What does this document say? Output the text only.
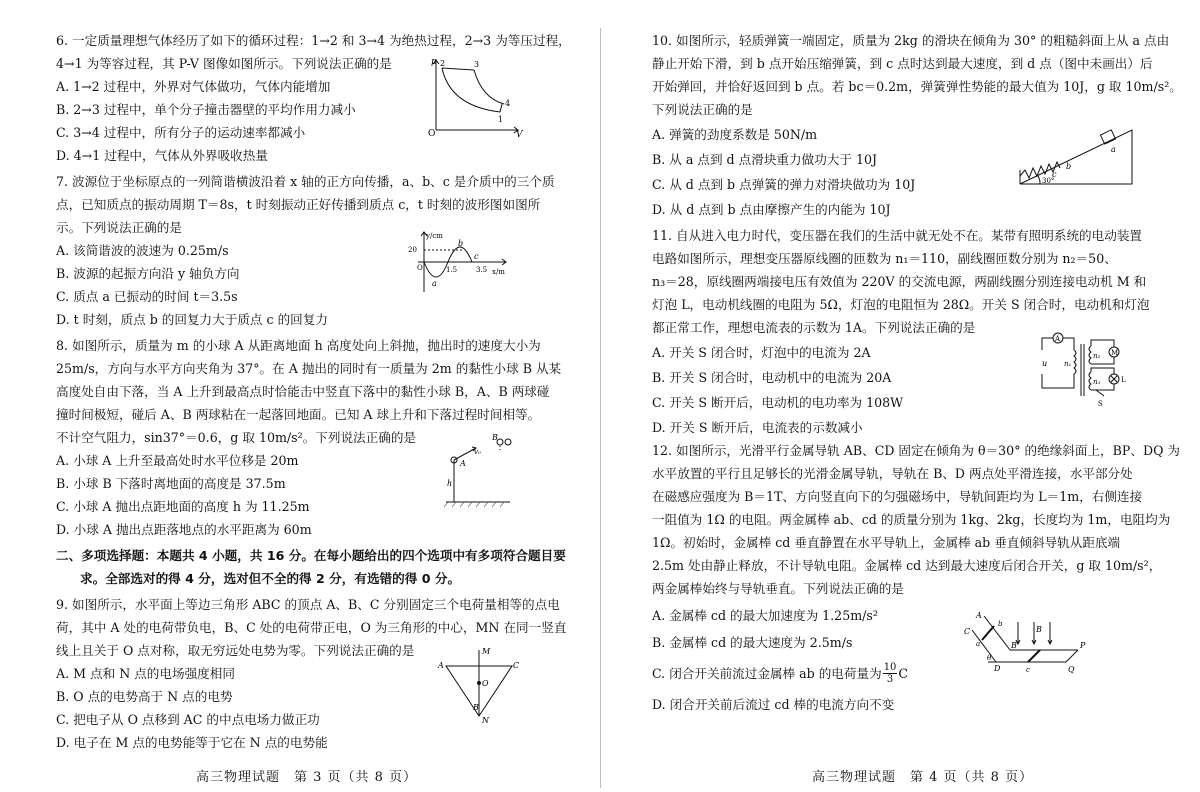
6. 一定质量理想气体经历了如下的循环过程：1→2 和 3→4 为绝热过程，2→3 为等压过程，
4→1 为等容过程，其 P-V 图像如图所示。下列说法正确的是
A. 1→2 过程中，外界对气体做功，气体内能增加
B. 2→3 过程中，单个分子撞击器壁的平均作用力减小
C. 3→4 过程中，所有分子的运动速率都减小
D. 4→1 过程中，气体从外界吸收热量
7. 波源位于坐标原点的一列简谐横波沿着 x 轴的正方向传播，a、b、c 是介质中的三个质
点，已知质点的振动周期 T＝8s，t 时刻振动正好传播到质点 c，t 时刻的波形图如图所
示。下列说法正确的是
A. 该简谐波的波速为 0.25m/s
B. 波源的起振方向沿 y 轴负方向
C. 质点 a 已振动的时间 t＝3.5s
D. t 时刻，质点 b 的回复力大于质点 c 的回复力
8. 如图所示，质量为 m 的小球 A 从距离地面 h 高度处向上斜抛，抛出时的速度大小为
25m/s，方向与水平方向夹角为 37°。在 A 抛出的同时有一质量为 2m 的黏性小球 B 从某
高度处自由下落，当 A 上升到最高点时恰能击中竖直下落中的黏性小球 B，A、B 两球碰
撞时间极短，碰后 A、B 两球粘在一起落回地面。已知 A 球上升和下落过程时间相等。
不计空气阻力，sin37°＝0.6，g 取 10m/s²。下列说法正确的是
A. 小球 A 上升至最高处时水平位移是 20m
B. 小球 B 下落时离地面的高度是 37.5m
C. 小球 A 抛出点距地面的高度 h 为 11.25m
D. 小球 A 抛出点距落地点的水平距离为 60m
二、多项选择题：本题共 4 小题，共 16 分。在每小题给出的四个选项中有多项符合题目要
求。全部选对的得 4 分，选对但不全的得 2 分，有选错的得 0 分。
9. 如图所示，水平面上等边三角形 ABC 的顶点 A、B、C 分别固定三个电荷量相等的点电
荷，其中 A 处的电荷带负电，B、C 处的电荷带正电，O 为三角形的中心，MN 在同一竖直
线上且关于 O 点对称，取无穷远处电势为零。下列说法正确的是
A. M 点和 N 点的电场强度相同
B. O 点的电势高于 N 点的电势
C. 把电子从 O 点移到 AC 的中点电场力做正功
D. 电子在 M 点的电势能等于它在 N 点的电势能
O
p
V
2	3
4
1
y/cm
x/m
20
O	1.5	3.5
a
b
c
A
B
v₀
h
A	C
B
M
N
O
高三物理试题　第 3 页（共 8 页）
10. 如图所示，轻质弹簧一端固定，质量为 2kg 的滑块在倾角为 30° 的粗糙斜面上从 a 点由
静止开始下滑，到 b 点开始压缩弹簧，到 c 点时达到最大速度，到 d 点（图中未画出）后
开始弹回，并恰好返回到 b 点。若 bc＝0.2m，弹簧弹性势能的最大值为 10J，g 取 10m/s²。
下列说法正确的是
A. 弹簧的劲度系数是 50N/m
B. 从 a 点到 d 点滑块重力做功大于 10J
C. 从 d 点到 b 点弹簧的弹力对滑块做功为 10J
D. 从 d 点到 b 点由摩擦产生的内能为 10J
11. 自从进入电力时代，变压器在我们的生活中就无处不在。某带有照明系统的电动装置
电路如图所示，理想变压器原线圈的匝数为 n₁＝110，副线圈匝数分别为 n₂＝50、
n₃＝28，原线圈两端接电压有效值为 220V 的交流电源，两副线圈分别连接电动机 M 和
灯泡 L，电动机线圈的电阻为 5Ω，灯泡的电阻恒为 28Ω。开关 S 闭合时，电动机和灯泡
都正常工作，理想电流表的示数为 1A。下列说法正确的是
A. 开关 S 闭合时，灯泡中的电流为 2A
B. 开关 S 闭合时，电动机中的电流为 20A
C. 开关 S 断开后，电动机的电功率为 108W
D. 开关 S 断开后，电流表的示数减小
12. 如图所示，光滑平行金属导轨 AB、CD 固定在倾角为 θ＝30° 的绝缘斜面上，BP、DQ 为
水平放置的平行且足够长的光滑金属导轨，导轨在 B、D 两点处平滑连接，水平部分处
在磁感应强度为 B＝1T、方向竖直向下的匀强磁场中，导轨间距均为 L＝1m，右侧连接
一阻值为 1Ω 的电阻。两金属棒 ab、cd 的质量分别为 1kg、2kg，长度均为 1m，电阻均为
1Ω。初始时，金属棒 cd 垂直静置在水平导轨上，金属棒 ab 垂直倾斜导轨从距底端
2.5m 处由静止释放，不计导轨电阻。金属棒 cd 达到最大速度后闭合开关，g 取 10m/s²，
两金属棒始终与导轨垂直。下列说法正确的是
A. 金属棒 cd 的最大加速度为 1.25m/s²
B. 金属棒 cd 的最大速度为 2.5m/s
C. 闭合开关前流过金属棒 ab 的电荷量为 $\frac{10}{3}$ C
D. 闭合开关前后流过 cd 棒的电流方向不变
a
b
c
30°
A
u n₁
n₂
n₃
M
L
S
C
A
B
D
P
Q
θ
B
a
b
c
高三物理试题　第 4 页（共 8 页）
